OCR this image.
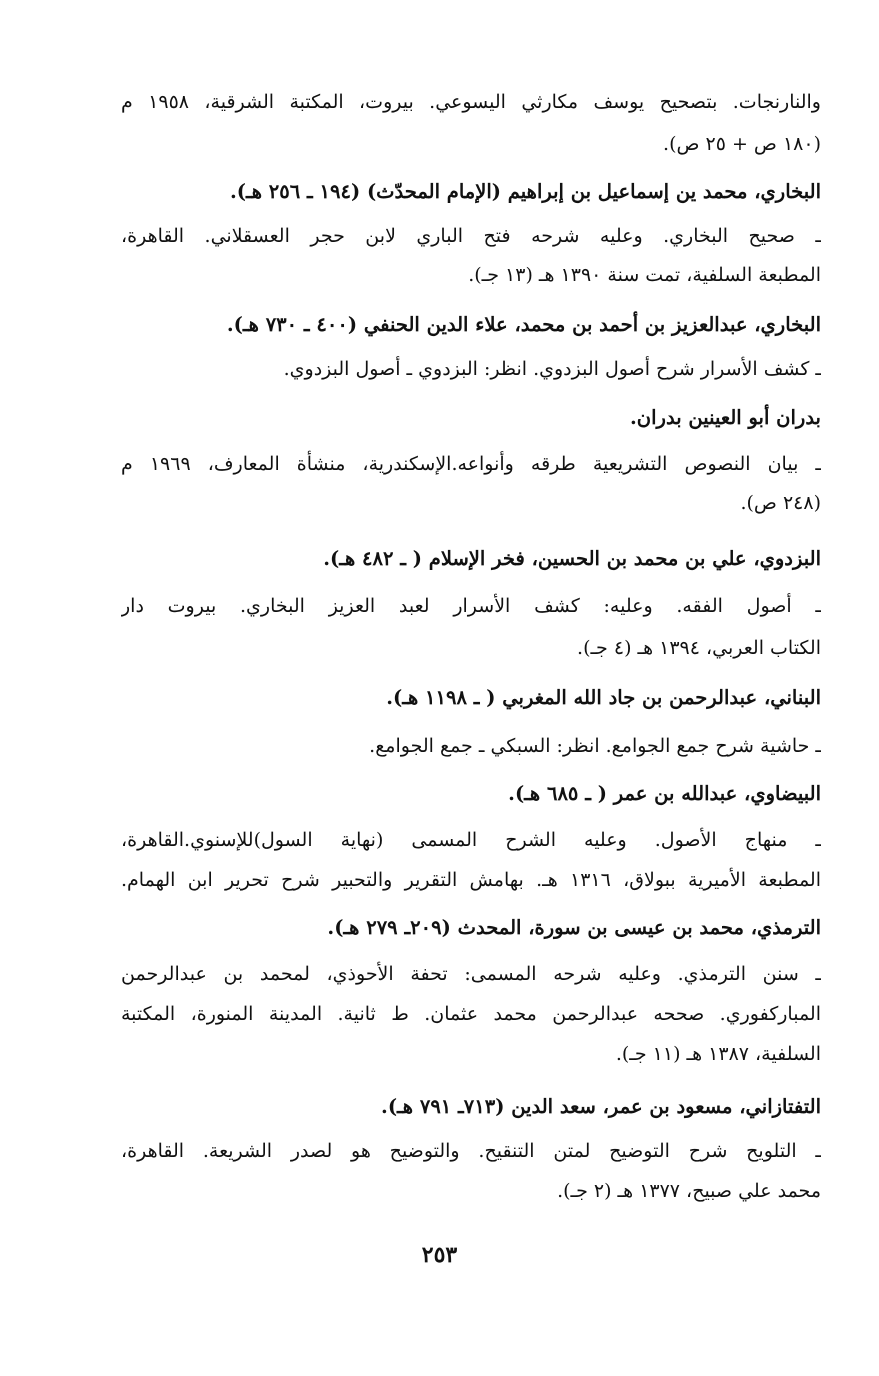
والنارنجات. بتصحيح يوسف مكارثي اليسوعي. بيروت، المكتبة الشرقية، ١٩٥٨ م
(١٨٠ ص + ٢٥ ص).
البخاري، محمد ين إسماعيل بن إبراهيم (الإمام المحدّث) (١٩٤ ـ ٢٥٦ هـ).
ـ صحيح البخاري. وعليه شرحه فتح الباري لابن حجر العسقلاني. القاهرة،
المطبعة السلفية، تمت سنة ١٣٩٠ هـ (١٣ جـ).
البخاري، عبدالعزيز بن أحمد بن محمد، علاء الدين الحنفي (٤٠٠ ـ ٧٣٠ هـ).
ـ كشف الأسرار شرح أصول البزدوي. انظر: البزدوي ـ أصول البزدوي.
بدران أبو العينين بدران.
ـ بيان النصوص التشريعية طرقه وأنواعه.الإسكندرية، منشأة المعارف، ١٩٦٩ م
(٢٤٨ ص).
البزدوي، علي بن محمد بن الحسين، فخر الإسلام ( ـ ٤٨٢ هـ).
ـ أصول الفقه. وعليه: كشف الأسرار لعبد العزيز البخاري. بيروت دار
الكتاب العربي، ١٣٩٤ هـ (٤ جـ).
البناني، عبدالرحمن بن جاد الله المغربي ( ـ ١١٩٨ هـ).
ـ حاشية شرح جمع الجوامع. انظر: السبكي ـ جمع الجوامع.
البيضاوي، عبدالله بن عمر ( ـ ٦٨٥ هـ).
ـ منهاج الأصول. وعليه الشرح المسمى (نهاية السول)للإسنوي.القاهرة،
المطبعة الأميرية ببولاق، ١٣١٦ هـ. بهامش التقرير والتحبير شرح تحرير ابن الهمام.
الترمذي، محمد بن عيسى بن سورة، المحدث (٢٠٩ـ ٢٧٩ هـ).
ـ سنن الترمذي. وعليه شرحه المسمى: تحفة الأحوذي، لمحمد بن عبدالرحمن
المباركفوري. صححه عبدالرحمن محمد عثمان. ط ثانية. المدينة المنورة، المكتبة
السلفية، ١٣٨٧ هـ (١١ جـ).
التفتازاني، مسعود بن عمر، سعد الدين (٧١٣ـ ٧٩١ هـ).
ـ التلويح شرح التوضيح لمتن التنقيح. والتوضيح هو لصدر الشريعة. القاهرة،
محمد علي صبيح، ١٣٧٧ هـ (٢ جـ).
٢٥٣
